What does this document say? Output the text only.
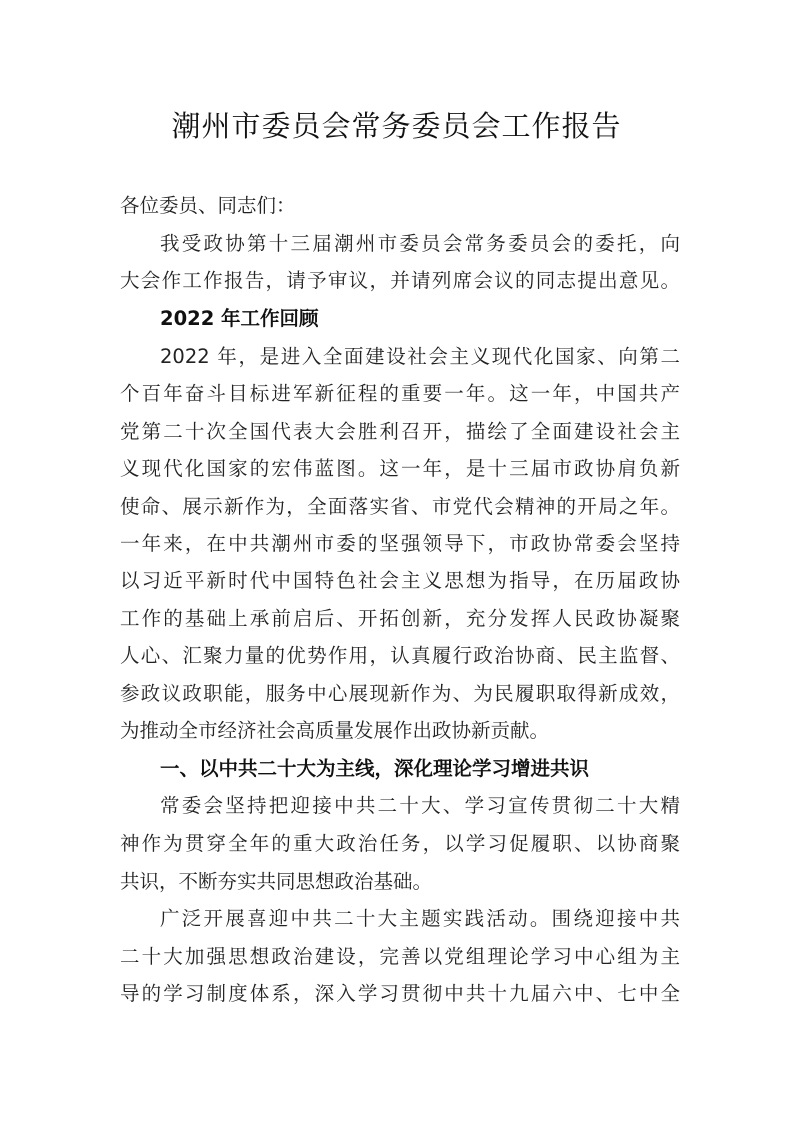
潮州市委员会常务委员会工作报告
各位委员、同志们：
我受政协第十三届潮州市委员会常务委员会的委托，向
大会作工作报告，请予审议，并请列席会议的同志提出意见。
2022 年工作回顾
2022 年，是进入全面建设社会主义现代化国家、向第二
个百年奋斗目标进军新征程的重要一年。这一年，中国共产
党第二十次全国代表大会胜利召开，描绘了全面建设社会主
义现代化国家的宏伟蓝图。这一年，是十三届市政协肩负新
使命、展示新作为，全面落实省、市党代会精神的开局之年。
一年来，在中共潮州市委的坚强领导下，市政协常委会坚持
以习近平新时代中国特色社会主义思想为指导，在历届政协
工作的基础上承前启后、开拓创新，充分发挥人民政协凝聚
人心、汇聚力量的优势作用，认真履行政治协商、民主监督、
参政议政职能，服务中心展现新作为、为民履职取得新成效，
为推动全市经济社会高质量发展作出政协新贡献。
一、以中共二十大为主线，深化理论学习增进共识
常委会坚持把迎接中共二十大、学习宣传贯彻二十大精
神作为贯穿全年的重大政治任务，以学习促履职、以协商聚
共识，不断夯实共同思想政治基础。
广泛开展喜迎中共二十大主题实践活动。围绕迎接中共
二十大加强思想政治建设，完善以党组理论学习中心组为主
导的学习制度体系，深入学习贯彻中共十九届六中、七中全
